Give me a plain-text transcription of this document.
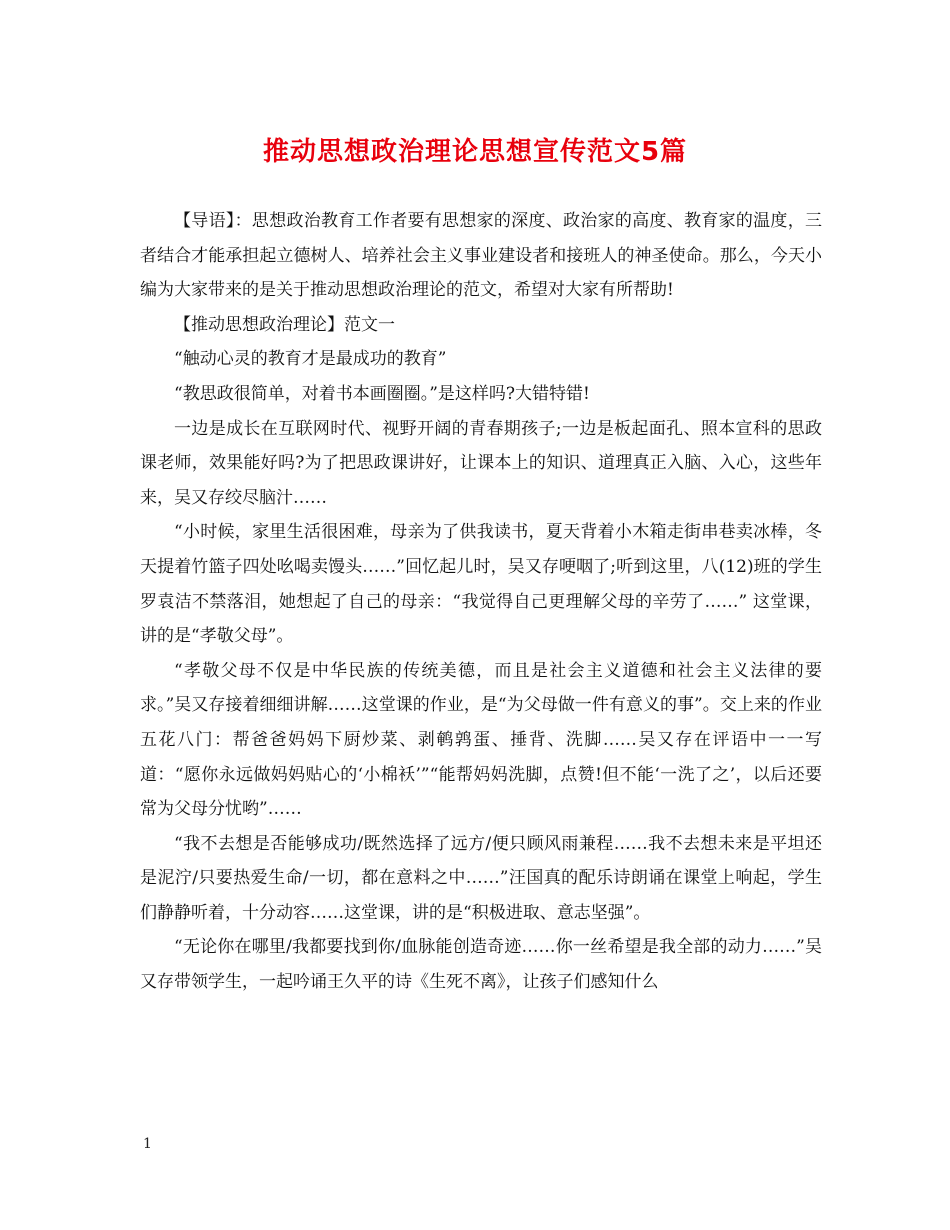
推动思想政治理论思想宣传范文5篇

【导语】：思想政治教育工作者要有思想家的深度、政治家的高度、教育家的温度，三者结合才能承担起立德树人、培养社会主义事业建设者和接班人的神圣使命。那么，今天小编为大家带来的是关于推动思想政治理论的范文，希望对大家有所帮助!

【推动思想政治理论】范文一

“触动心灵的教育才是最成功的教育”

“教思政很简单，对着书本画圈圈。”是这样吗?大错特错!

一边是成长在互联网时代、视野开阔的青春期孩子;一边是板起面孔、照本宣科的思政课老师，效果能好吗?为了把思政课讲好，让课本上的知识、道理真正入脑、入心，这些年来，吴又存绞尽脑汁……

“小时候，家里生活很困难，母亲为了供我读书，夏天背着小木箱走街串巷卖冰棒，冬天提着竹篮子四处吆喝卖馒头……”回忆起儿时，吴又存哽咽了;听到这里，八(12)班的学生罗袁洁不禁落泪，她想起了自己的母亲：“我觉得自己更理解父母的辛劳了……” 这堂课，讲的是“孝敬父母”。

“孝敬父母不仅是中华民族的传统美德，而且是社会主义道德和社会主义法律的要求。”吴又存接着细细讲解……这堂课的作业，是“为父母做一件有意义的事”。交上来的作业五花八门：帮爸爸妈妈下厨炒菜、剥鹌鹑蛋、捶背、洗脚……吴又存在评语中一一写道：“愿你永远做妈妈贴心的‘小棉袄’”“能帮妈妈洗脚，点赞!但不能‘一洗了之’，以后还要常为父母分忧哟”……

“我不去想是否能够成功/既然选择了远方/便只顾风雨兼程……我不去想未来是平坦还是泥泞/只要热爱生命/一切，都在意料之中……”汪国真的配乐诗朗诵在课堂上响起，学生们静静听着，十分动容……这堂课，讲的是“积极进取、意志坚强”。

“无论你在哪里/我都要找到你/血脉能创造奇迹……你一丝希望是我全部的动力……”吴又存带领学生，一起吟诵王久平的诗《生死不离》，让孩子们感知什么

1
